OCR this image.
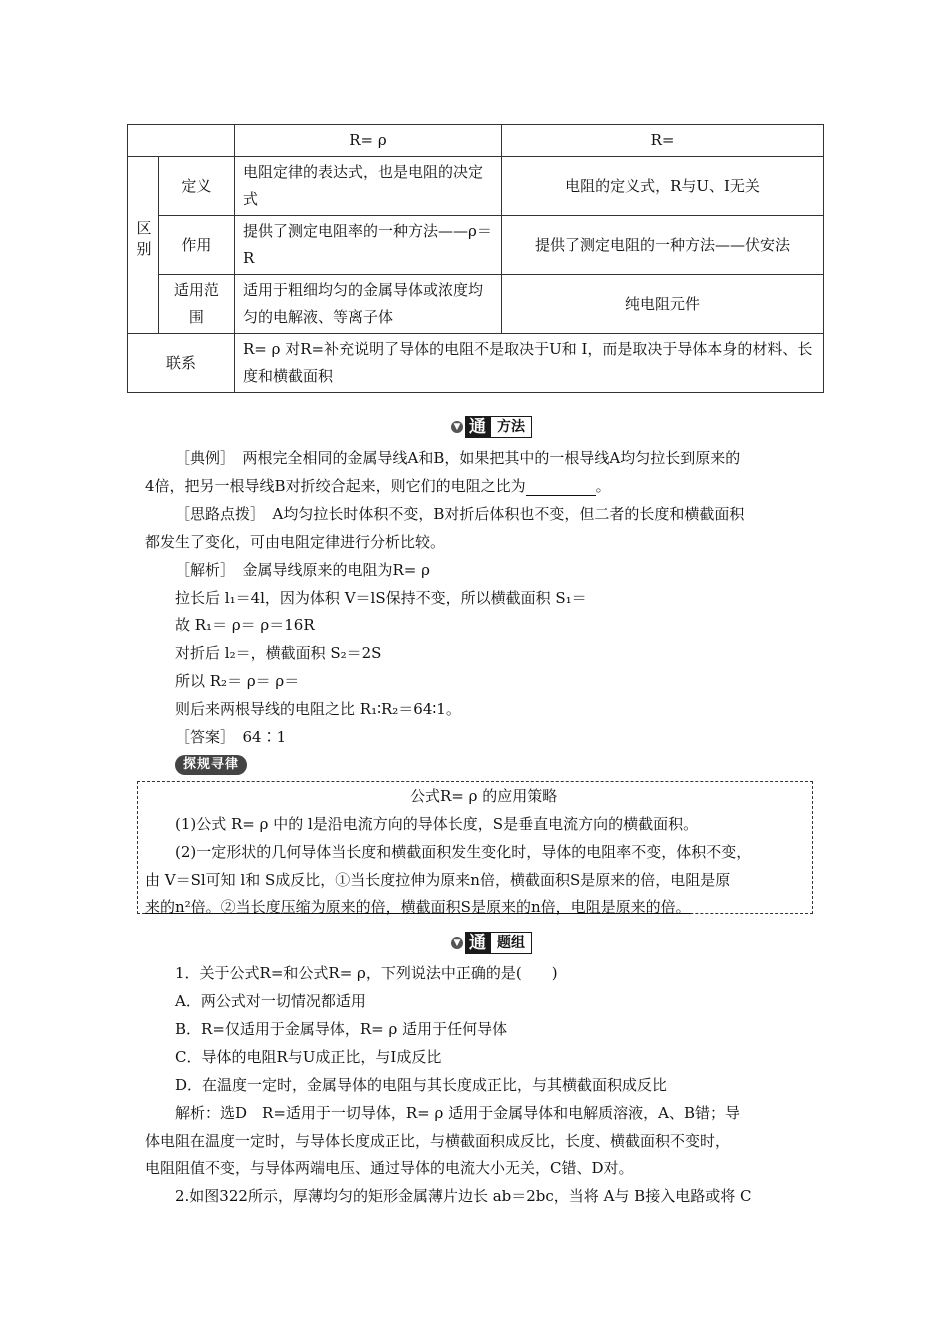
		R= ρ	R=
区别	定义	电阻定律的表达式，也是电阻的决定式	电阻的定义式，R与U、I无关
	作用	提供了测定电阻率的一种方法——ρ＝R	提供了测定电阻的一种方法——伏安法
	适用范围	适用于粗细均匀的金属导体或浓度均匀的电解液、等离子体	纯电阻元件
联系		R= ρ 对R=补充说明了导体的电阻不是取决于U和 I，而是取决于导体本身的材料、长度和横截面积	
▼ 通 方法
［典例］　两根完全相同的金属导线A和B，如果把其中的一根导线A均匀拉长到原来的
4倍，把另一根导线B对折绞合起来，则它们的电阻之比为	。
［思路点拨］　A均匀拉长时体积不变，B对折后体积也不变，但二者的长度和横截面积
都发生了变化，可由电阻定律进行分析比较。
［解析］　金属导线原来的电阻为R= ρ
拉长后 l₁＝4l，因为体积 V＝lS保持不变，所以横截面积 S₁＝
故 R₁＝ ρ＝ ρ＝16R
对折后 l₂＝，横截面积 S₂＝2S
所以 R₂＝ ρ＝ ρ＝
则后来两根导线的电阻之比 R₁∶R₂＝64∶1。
［答案］　64∶1
探规寻律
公式R= ρ 的应用策略
(1)公式 R= ρ 中的 l是沿电流方向的导体长度，S是垂直电流方向的横截面积。
(2)一定形状的几何导体当长度和横截面积发生变化时，导体的电阻率不变，体积不变，
由 V＝Sl可知 l和 S成反比，①当长度拉伸为原来n倍，横截面积S是原来的倍，电阻是原
来的n²倍。②当长度压缩为原来的倍，横截面积S是原来的n倍，电阻是原来的倍。
▼ 通 题组
1．关于公式R=和公式R= ρ，下列说法中正确的是(　　)
A．两公式对一切情况都适用
B．R=仅适用于金属导体，R= ρ 适用于任何导体
C．导体的电阻R与U成正比，与I成反比
D．在温度一定时，金属导体的电阻与其长度成正比，与其横截面积成反比
解析：选D　R=适用于一切导体，R= ρ 适用于金属导体和电解质溶液，A、B错；导
体电阻在温度一定时，与导体长度成正比，与横截面积成反比，长度、横截面积不变时，
电阻阻值不变，与导体两端电压、通过导体的电流大小无关，C错、D对。
2.如图322所示，厚薄均匀的矩形金属薄片边长 ab＝2bc，当将 A与 B接入电路或将 C
